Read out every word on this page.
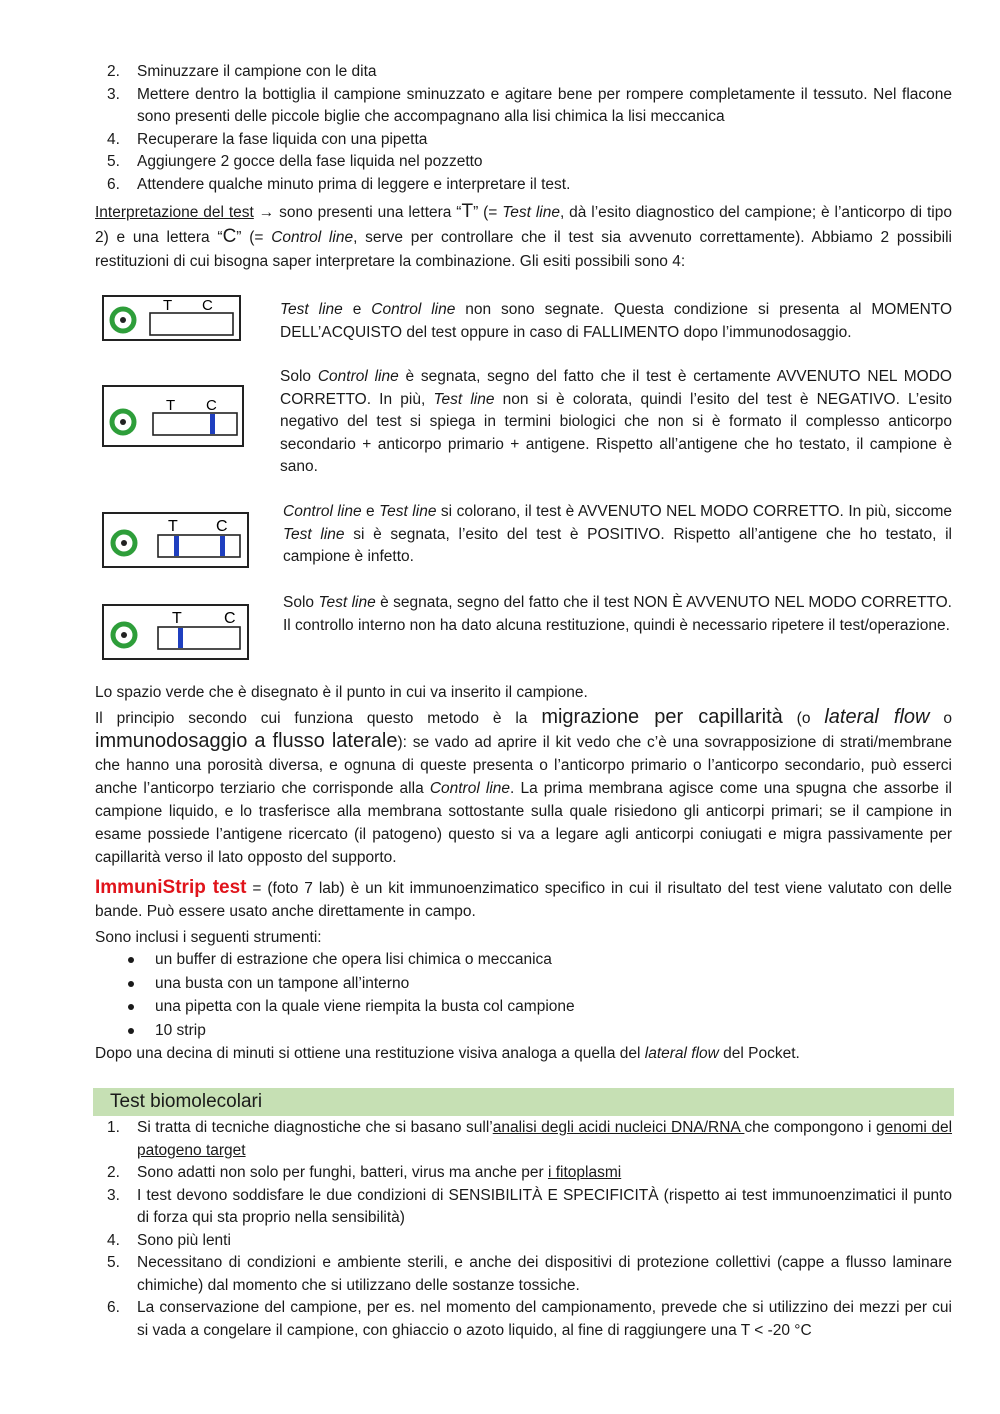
2. Sminuzzare il campione con le dita
3. Mettere dentro la bottiglia il campione sminuzzato e agitare bene per rompere completamente il tessuto. Nel flacone sono presenti delle piccole biglie che accompagnano alla lisi chimica la lisi meccanica
4. Recuperare la fase liquida con una pipetta
5. Aggiungere 2 gocce della fase liquida nel pozzetto
6. Attendere qualche minuto prima di leggere e interpretare il test.

Interpretazione del test → sono presenti una lettera “T” (= Test line, dà l’esito diagnostico del campione; è l’anticorpo di tipo 2) e una lettera “C” (= Control line, serve per controllare che il test sia avvenuto correttamente). Abbiamo 2 possibili restituzioni di cui bisogna saper interpretare la combinazione. Gli esiti possibili sono 4:

T C	Test line e Control line non sono segnate. Questa condizione si presenta al MOMENTO DELL’ACQUISTO del test oppure in caso di FALLIMENTO dopo l’immunodosaggio.

T C

Solo Control line è segnata, segno del fatto che il test è certamente AVVENUTO NEL MODO CORRETTO. In più, Test line non si è colorata, quindi l’esito del test è NEGATIVO. L’esito negativo del test si spiega in termini biologici che non si è formato il complesso anticorpo secondario + anticorpo primario + antigene. Rispetto all’antigene che ho testato, il campione è sano.

T C

Control line e Test line si colorano, il test è AVVENUTO NEL MODO CORRETTO. In più, siccome Test line si è segnata, l’esito del test è POSITIVO. Rispetto all’antigene che ho testato, il campione è infetto.

T	C

Solo Test line è segnata, segno del fatto che il test NON È AVVENUTO NEL MODO CORRETTO. Il controllo interno non ha dato alcuna restituzione, quindi è necessario ripetere il test/operazione.

Lo spazio verde che è disegnato è il punto in cui va inserito il campione.

Il principio secondo cui funziona questo metodo è la migrazione per capillarità (o lateral flow o immunodosaggio a flusso laterale): se vado ad aprire il kit vedo che c’è una sovrapposizione di strati/membrane che hanno una porosità diversa, e ognuna di queste presenta o l’anticorpo primario o l’anticorpo secondario, può esserci anche l’anticorpo terziario che corrisponde alla Control line. La prima membrana agisce come una spugna che assorbe il campione liquido, e lo trasferisce alla membrana sottostante sulla quale risiedono gli anticorpi primari; se il campione in esame possiede l’antigene ricercato (il patogeno) questo si va a legare agli anticorpi coniugati e migra passivamente per capillarità verso il lato opposto del supporto.

ImmuniStrip test = (foto 7 lab) è un kit immunoenzimatico specifico in cui il risultato del test viene valutato con delle bande. Può essere usato anche direttamente in campo.

Sono inclusi i seguenti strumenti:

un buffer di estrazione che opera lisi chimica o meccanica
una busta con un tampone all’interno
una pipetta con la quale viene riempita la busta col campione
10 strip

Dopo una decina di minuti si ottiene una restituzione visiva analoga a quella del lateral flow del Pocket.

Test biomolecolari
1. Si tratta di tecniche diagnostiche che si basano sull’analisi degli acidi nucleici DNA/RNA che compongono i genomi del patogeno target
2. Sono adatti non solo per funghi, batteri, virus ma anche per i fitoplasmi
3. I test devono soddisfare le due condizioni di SENSIBILITÀ E SPECIFICITÀ (rispetto ai test immunoenzimatici il punto di forza qui sta proprio nella sensibilità)
4. Sono più lenti
5. Necessitano di condizioni e ambiente sterili, e anche dei dispositivi di protezione collettivi (cappe a flusso laminare chimiche) dal momento che si utilizzano delle sostanze tossiche.
6. La conservazione del campione, per es. nel momento del campionamento, prevede che si utilizzino dei mezzi per cui si vada a congelare il campione, con ghiaccio o azoto liquido, al fine di raggiungere una T < -20 °C
